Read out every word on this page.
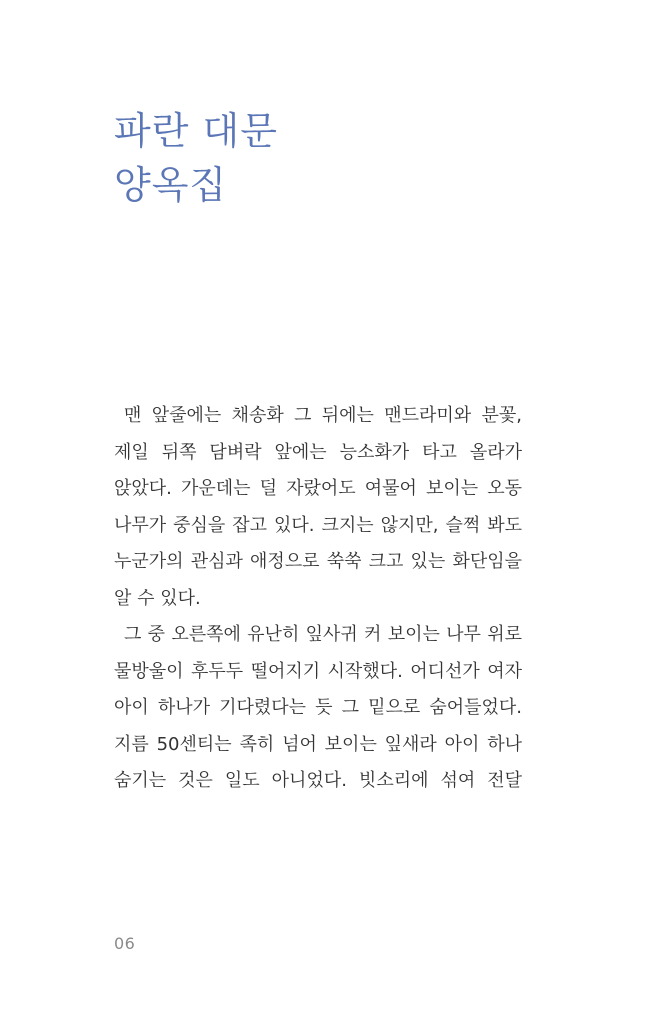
파란 대문
양옥집
맨 앞줄에는 채송화 그 뒤에는 맨드라미와 분꽃,
제일 뒤쪽 담벼락 앞에는 능소화가 타고 올라가
앉았다. 가운데는 덜 자랐어도 여물어 보이는 오동
나무가 중심을 잡고 있다. 크지는 않지만, 슬쩍 봐도
누군가의 관심과 애정으로 쑥쑥 크고 있는 화단임을
알 수 있다.
그 중 오른쪽에 유난히 잎사귀 커 보이는 나무 위로
물방울이 후두두 떨어지기 시작했다. 어디선가 여자
아이 하나가 기다렸다는 듯 그 밑으로 숨어들었다.
지름 50센티는 족히 넘어 보이는 잎새라 아이 하나
숨기는 것은 일도 아니었다. 빗소리에 섞여 전달
06
